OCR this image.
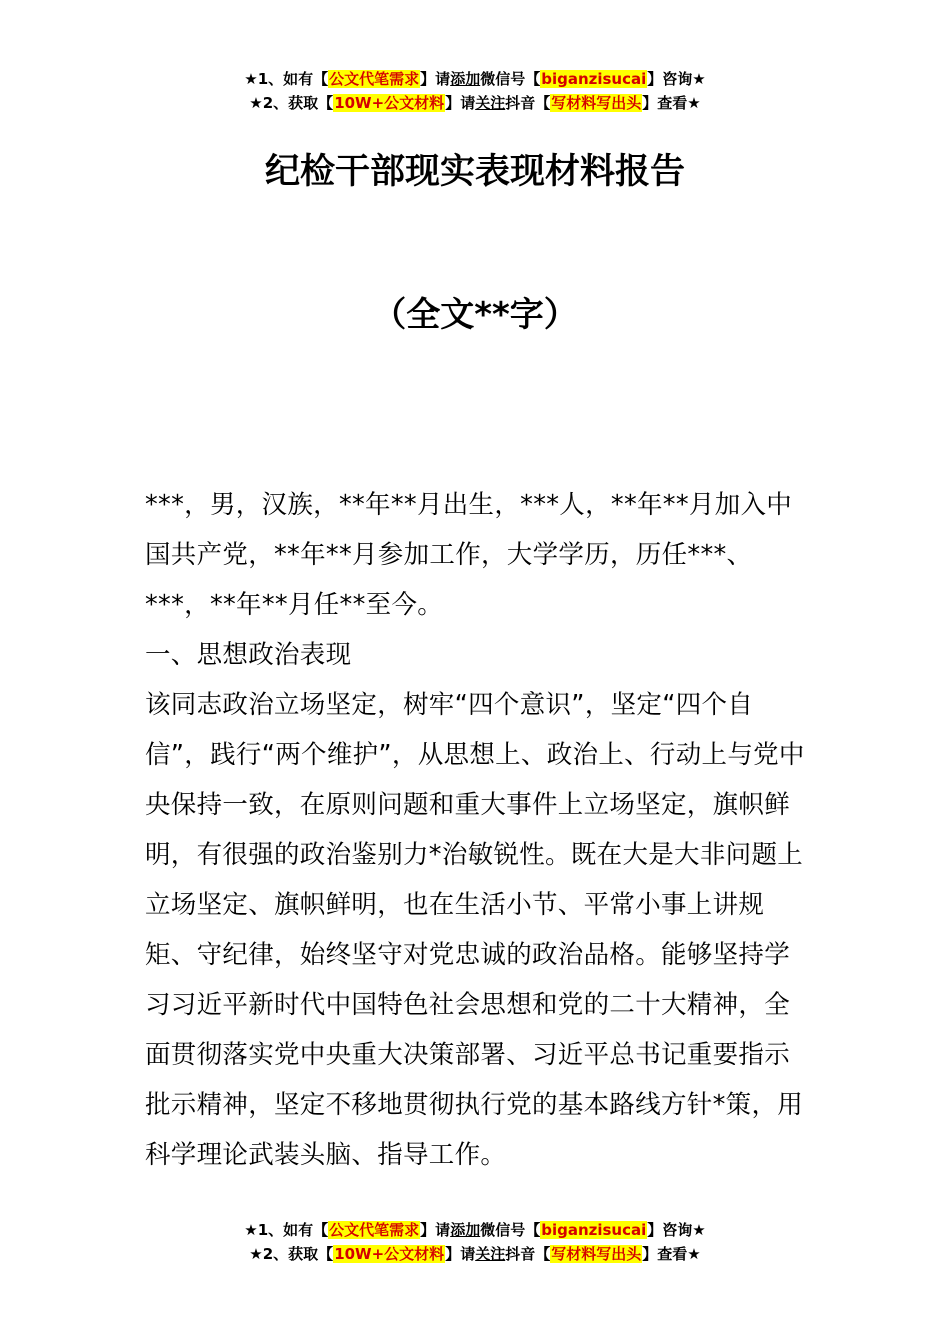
★1、如有【公文代笔需求】请添加微信号【biganzisucai】咨询★
★2、获取【10W+公文材料】请关注抖音【写材料写出头】查看★
纪检干部现实表现材料报告
（全文**字）

***，男，汉族，**年**月出生，***人，**年**月加入中国共产党，**年**月参加工作，大学学历，历任***、***，**年**月任**至今。

一、思想政治表现

该同志政治立场坚定，树牢“四个意识”，坚定“四个自信”，践行“两个维护”，从思想上、政治上、行动上与党中央保持一致，在原则问题和重大事件上立场坚定，旗帜鲜明，有很强的政治鉴别力*治敏锐性。既在大是大非问题上立场坚定、旗帜鲜明，也在生活小节、平常小事上讲规矩、守纪律，始终坚守对党忠诚的政治品格。能够坚持学习习近平新时代中国特色社会思想和党的二十大精神，全面贯彻落实党中央重大决策部署、习近平总书记重要指示批示精神，坚定不移地贯彻执行党的基本路线方针*策，用科学理论武装头脑、指导工作。

★1、如有【公文代笔需求】请添加微信号【biganzisucai】咨询★
★2、获取【10W+公文材料】请关注抖音【写材料写出头】查看★
